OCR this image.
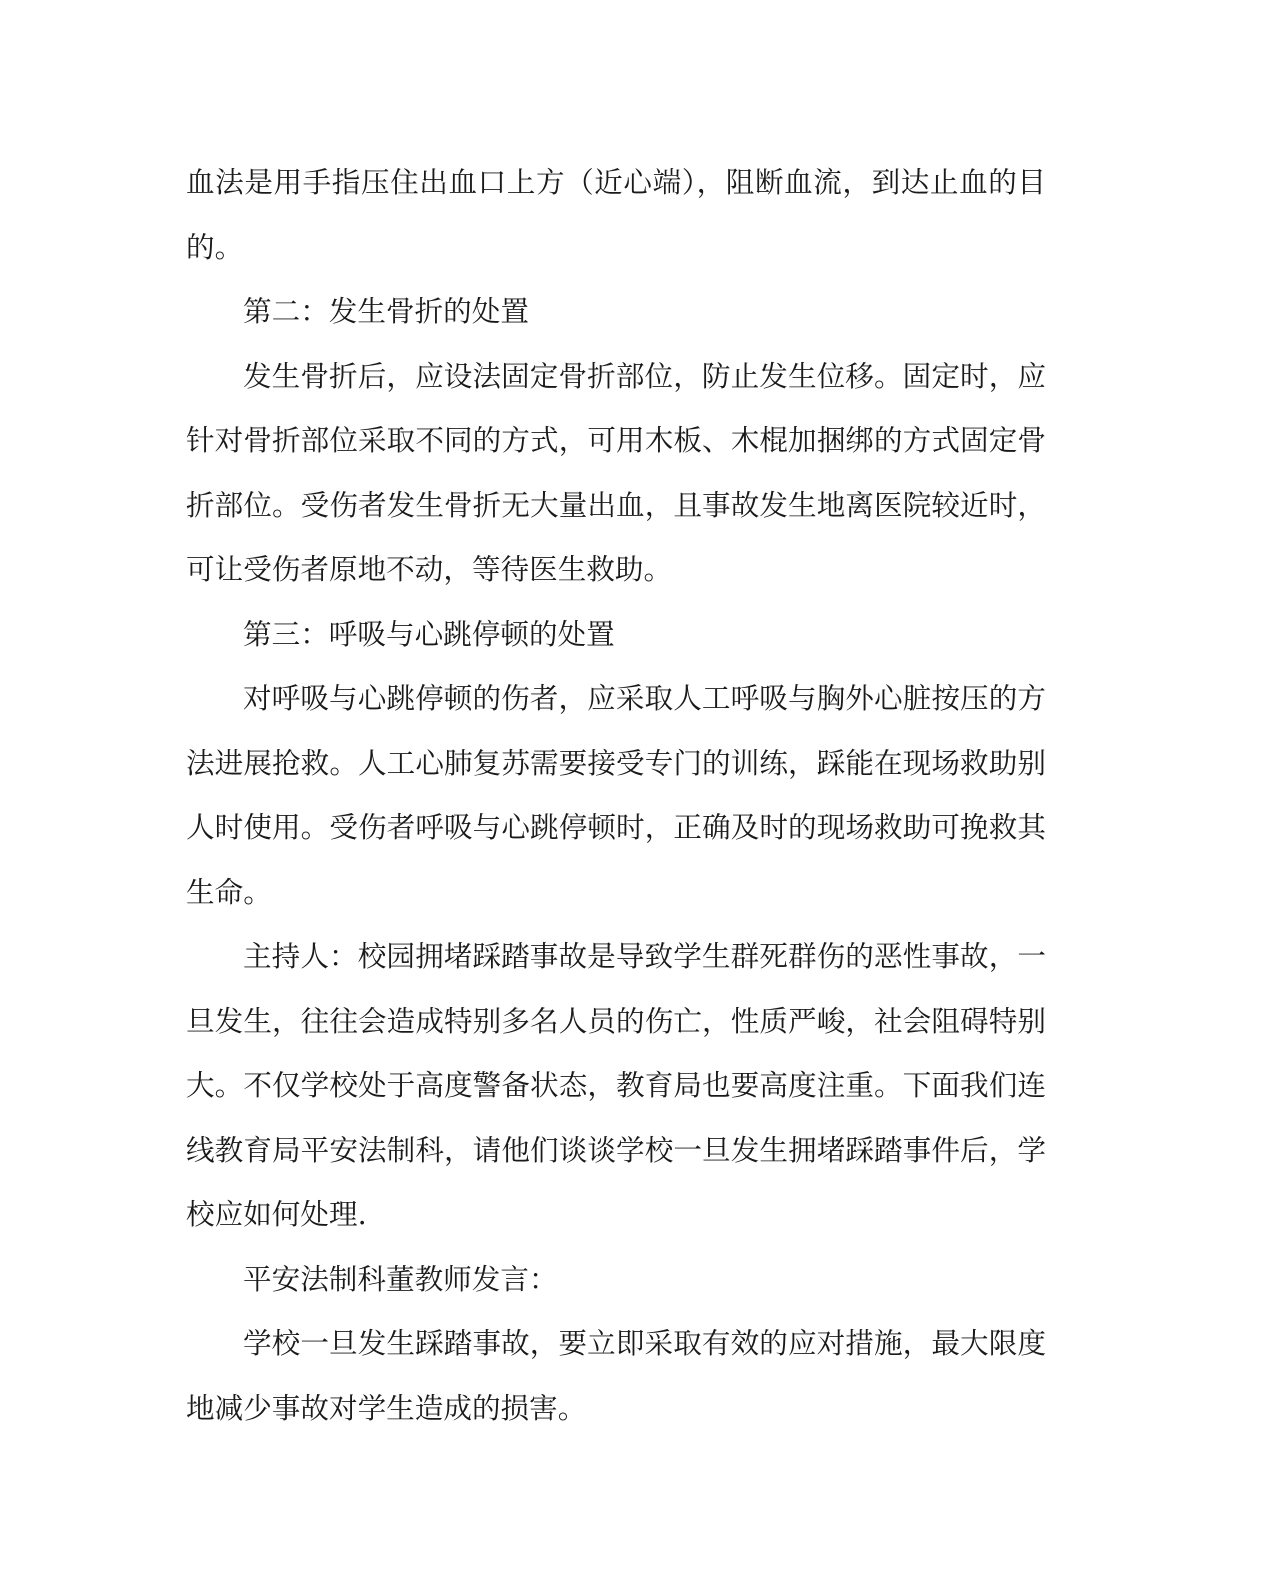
血法是用手指压住出血口上方（近心端），阻断血流，到达止血的目的。

第二：发生骨折的处置

发生骨折后，应设法固定骨折部位，防止发生位移。固定时，应针对骨折部位采取不同的方式，可用木板、木棍加捆绑的方式固定骨折部位。受伤者发生骨折无大量出血，且事故发生地离医院较近时，可让受伤者原地不动，等待医生救助。

第三：呼吸与心跳停顿的处置

对呼吸与心跳停顿的伤者，应采取人工呼吸与胸外心脏按压的方法进展抢救。人工心肺复苏需要接受专门的训练，踩能在现场救助别人时使用。受伤者呼吸与心跳停顿时，正确及时的现场救助可挽救其生命。

主持人：校园拥堵踩踏事故是导致学生群死群伤的恶性事故，一旦发生，往往会造成特别多名人员的伤亡，性质严峻，社会阻碍特别大。不仅学校处于高度警备状态，教育局也要高度注重。下面我们连线教育局平安法制科，请他们谈谈学校一旦发生拥堵踩踏事件后，学校应如何处理.

平安法制科董教师发言：

学校一旦发生踩踏事故，要立即采取有效的应对措施，最大限度地减少事故对学生造成的损害。
